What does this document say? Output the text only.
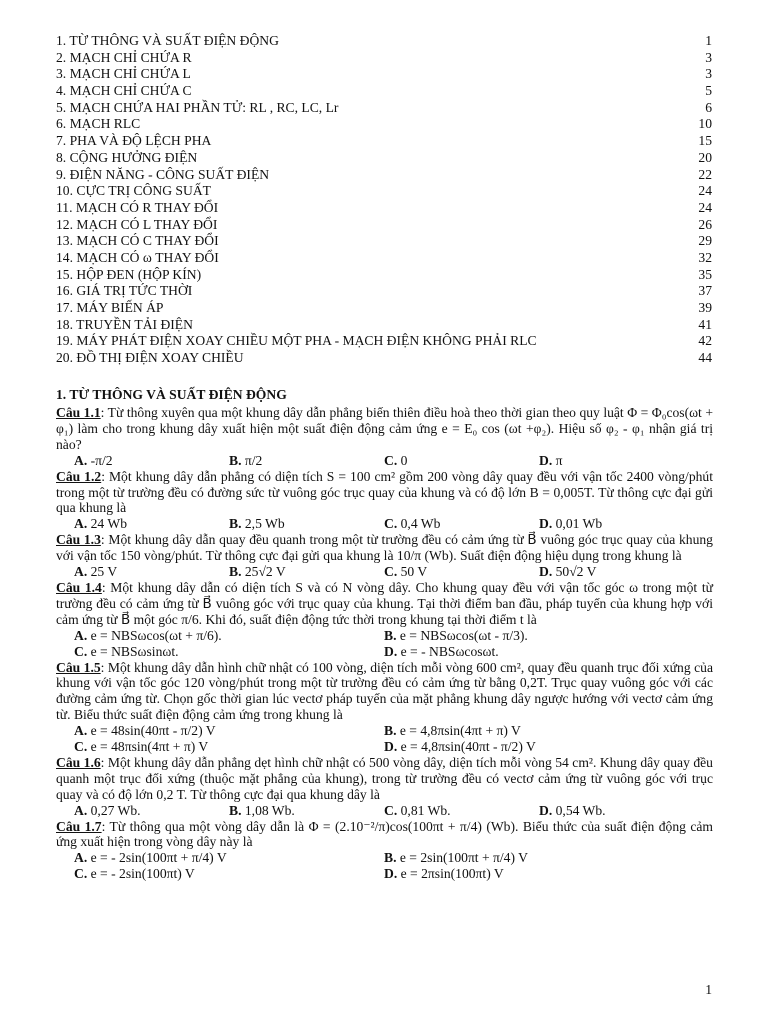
1. TỪ THÔNG VÀ SUẤT ĐIỆN ĐỘNG	1
2. MẠCH CHỈ CHỨA R	3
3. MẠCH CHỈ CHỨA L	3
4. MẠCH CHỈ CHỨA C	5
5. MẠCH CHỨA HAI PHẦN TỬ: RL , RC, LC, Lr	6
6. MẠCH RLC	10
7. PHA VÀ ĐỘ LỆCH PHA	15
8. CỘNG HƯỞNG ĐIỆN	20
9. ĐIỆN NĂNG - CÔNG SUẤT ĐIỆN	22
10. CỰC TRỊ CÔNG SUẤT	24
11. MẠCH CÓ R THAY ĐỔI	24
12. MẠCH CÓ L THAY ĐỔI	26
13. MẠCH CÓ C THAY ĐỔI	29
14. MẠCH CÓ ω THAY ĐỔI	32
15. HỘP ĐEN (HỘP KÍN)	35
16. GIÁ TRỊ TỨC THỜI	37
17. MÁY BIẾN ÁP	39
18. TRUYỀN TẢI ĐIỆN	41
19. MÁY PHÁT ĐIỆN XOAY CHIỀU MỘT PHA - MẠCH ĐIỆN KHÔNG PHẢI RLC	42
20. ĐỒ THỊ ĐIỆN XOAY CHIỀU	44
1. TỪ THÔNG VÀ SUẤT ĐIỆN ĐỘNG
Câu 1.1: Từ thông xuyên qua một khung dây dẫn phẳng biến thiên điều hoà theo thời gian theo quy luật Φ = Φ₀cos(ωt + φ₁) làm cho trong khung dây xuất hiện một suất điện động cảm ứng e = E₀ cos (ωt +φ₂). Hiệu số φ₂ - φ₁ nhận giá trị nào?
A. -π/2	B. π/2	C. 0	D. π
Câu 1.2: Một khung dây dẫn phẳng có diện tích S = 100 cm² gồm 200 vòng dây quay đều với vận tốc 2400 vòng/phút trong một từ trường đều có đường sức từ vuông góc trục quay của khung và có độ lớn B = 0,005T. Từ thông cực đại gửi qua khung là
A. 24 Wb	B. 2,5 Wb	C. 0,4 Wb	D. 0,01 Wb
Câu 1.3: Một khung dây dẫn quay đều quanh trong một từ trường đều có cảm ứng từ B⃗ vuông góc trục quay của khung với vận tốc 150 vòng/phút. Từ thông cực đại gửi qua khung là 10/π (Wb). Suất điện động hiệu dụng trong khung là
A. 25 V	B. 25√2 V	C. 50 V	D. 50√2 V
Câu 1.4: Một khung dây dẫn có diện tích S và có N vòng dây. Cho khung quay đều với vận tốc góc ω trong một từ trường đều có cảm ứng từ B⃗ vuông góc với trục quay của khung. Tại thời điểm ban đầu, pháp tuyến của khung hợp với cảm ứng từ B⃗ một góc π/6. Khi đó, suất điện động tức thời trong khung tại thời điểm t là
A. e = NBSωcos(ωt + π/6).	B. e = NBSωcos(ωt - π/3).
C. e = NBSωsinωt.	D. e = - NBSωcosωt.
Câu 1.5: Một khung dây dẫn hình chữ nhật có 100 vòng, diện tích mỗi vòng 600 cm², quay đều quanh trục đối xứng của khung với vận tốc góc 120 vòng/phút trong một từ trường đều có cảm ứng từ bằng 0,2T. Trục quay vuông góc với các đường cảm ứng từ. Chọn gốc thời gian lúc vectơ pháp tuyến của mặt phẳng khung dây ngược hướng với vectơ cảm ứng từ. Biểu thức suất điện động cảm ứng trong khung là
A. e = 48sin(40πt - π/2) V	B. e = 4,8πsin(4πt + π) V
C. e = 48πsin(4πt + π) V	D. e = 4,8πsin(40πt - π/2) V
Câu 1.6: Một khung dây dẫn phẳng dẹt hình chữ nhật có 500 vòng dây, diện tích mỗi vòng 54 cm². Khung dây quay đều quanh một trục đối xứng (thuộc mặt phẳng của khung), trong từ trường đều có vectơ cảm ứng từ vuông góc với trục quay và có độ lớn 0,2 T. Từ thông cực đại qua khung dây là
A. 0,27 Wb.	B. 1,08 Wb.	C. 0,81 Wb.	D. 0,54 Wb.
Câu 1.7: Từ thông qua một vòng dây dẫn là Φ = (2.10⁻²/π)cos(100πt + π/4) (Wb). Biểu thức của suất điện động cảm ứng xuất hiện trong vòng dây này là
A. e = - 2sin(100πt + π/4) V	B. e = 2sin(100πt + π/4) V
C. e = - 2sin(100πt) V	D. e = 2πsin(100πt) V
1
